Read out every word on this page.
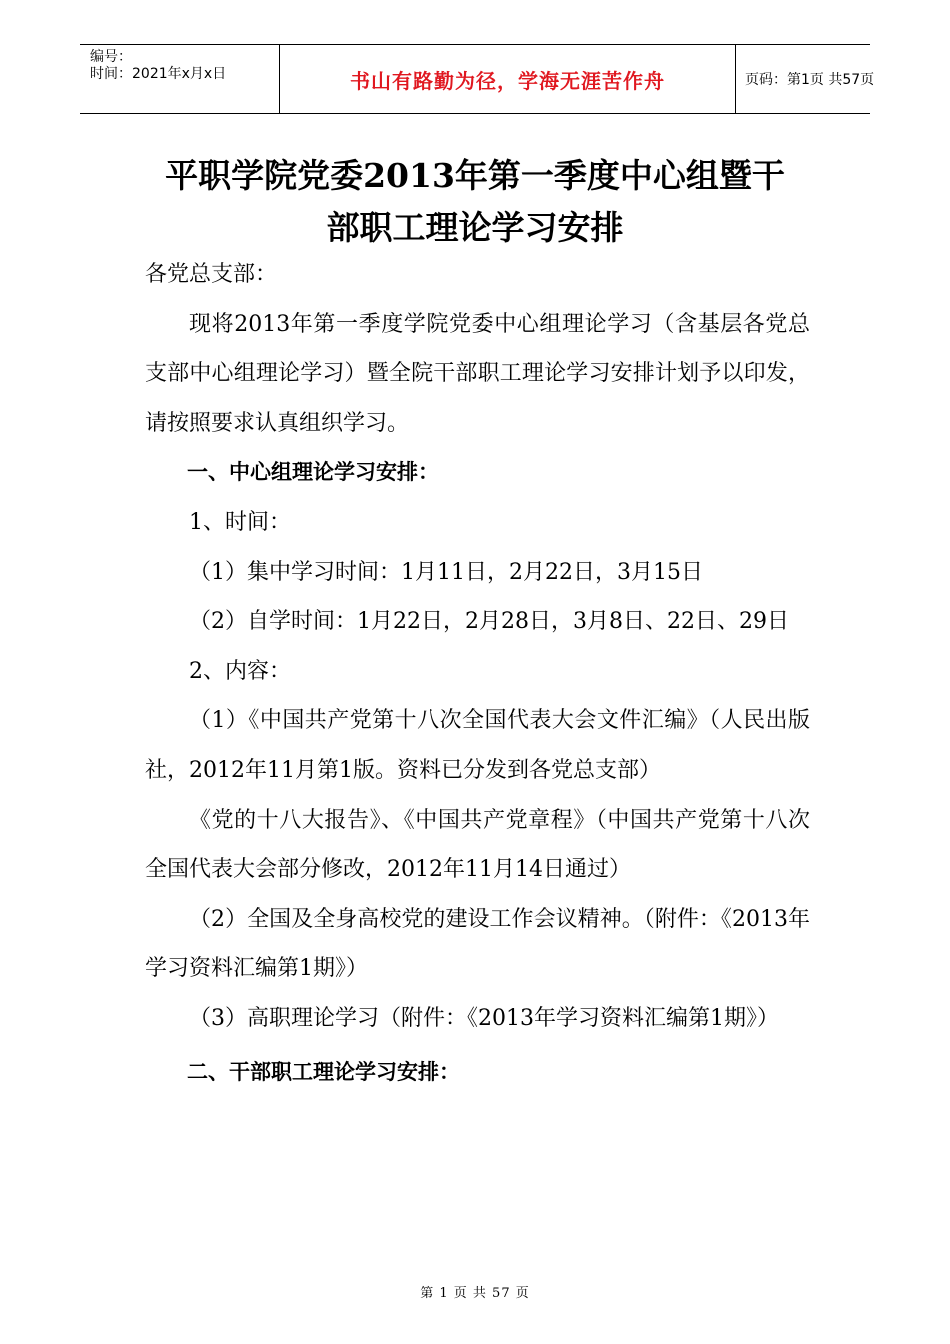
编号：
时间：2021年x月x日	书山有路勤为径，学海无涯苦作舟	页码：第1页 共57页
平职学院党委2013年第一季度中心组暨干
部职工理论学习安排

各党总支部：

现将2013年第一季度学院党委中心组理论学习（含基层各党总支部中心组理论学习）暨全院干部职工理论学习安排计划予以印发，请按照要求认真组织学习。

一、中心组理论学习安排：

1、时间：

（1）集中学习时间：1月11日，2月22日，3月15日

（2）自学时间：1月22日，2月28日，3月8日、22日、29日

2、内容：

（1）《中国共产党第十八次全国代表大会文件汇编》（人民出版社，2012年11月第1版。资料已分发到各党总支部）

《党的十八大报告》、《中国共产党章程》（中国共产党第十八次全国代表大会部分修改，2012年11月14日通过）

（2）全国及全身高校党的建设工作会议精神。（附件：《2013年学习资料汇编第1期》）

（3）高职理论学习（附件：《2013年学习资料汇编第1期》）

二、干部职工理论学习安排：

第 1 页 共 57 页
